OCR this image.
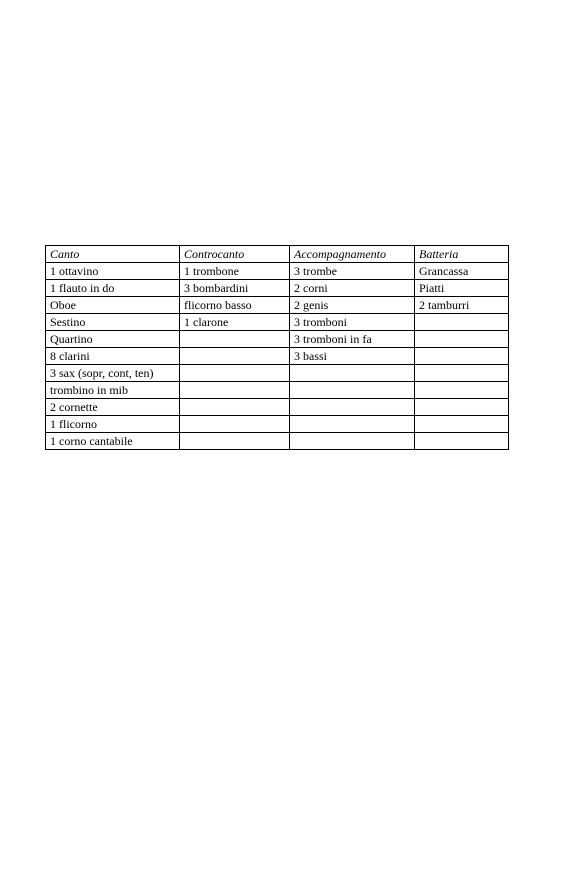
Canto	Controcanto	Accompagnamento	Batteria
1 ottavino	1 trombone	3 trombe	Grancassa
1 flauto in do	3 bombardini	2 corni	Piatti
Oboe	flicorno basso	2 genis	2 tamburri
Sestino	1 clarone	3 tromboni	
Quartino		3 tromboni in fa	
8 clarini		3 bassi	
3 sax (sopr, cont, ten)			
trombino in mib			
2 cornette			
1 flicorno			
1 corno cantabile			
